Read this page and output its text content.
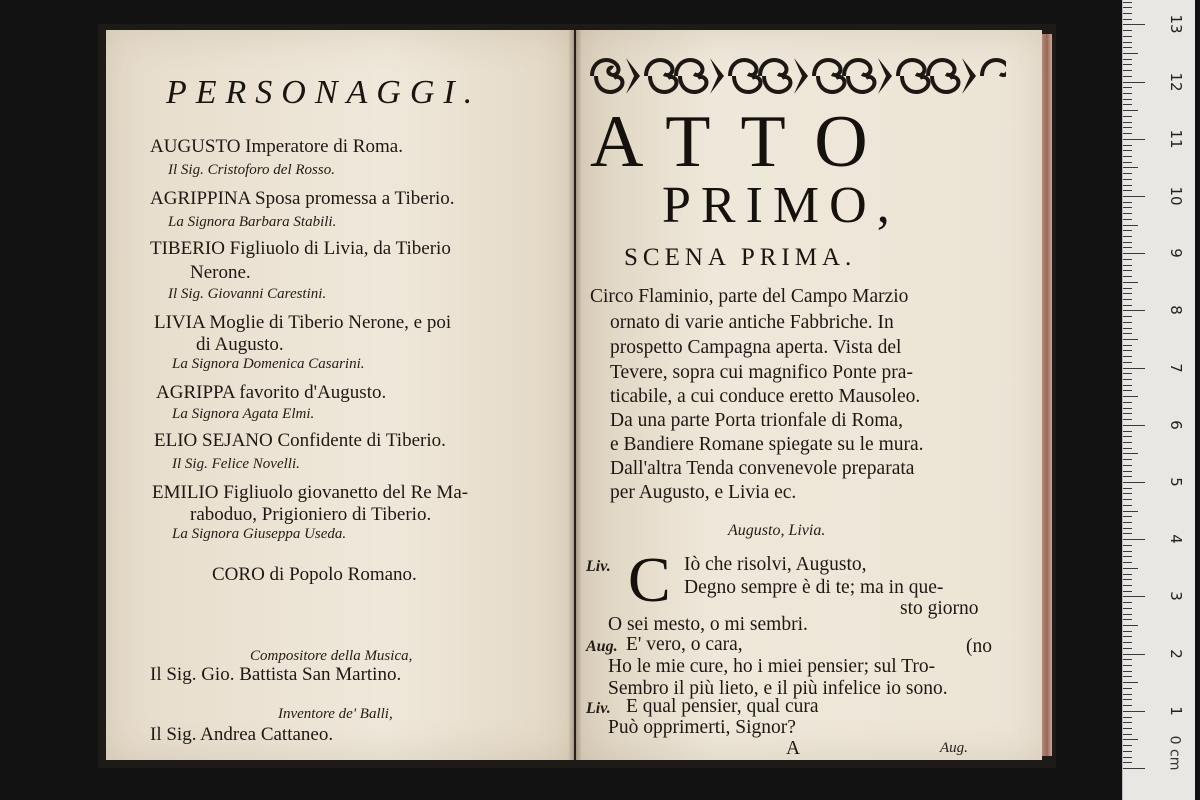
PERSONAGGI.
AUGUSTO Imperatore di Roma.
Il Sig. Cristoforo del Rosso.
AGRIPPINA Sposa promessa a Tiberio.
La Signora Barbara Stabili.
TIBERIO Figliuolo di Livia, da Tiberio
Nerone.
Il Sig. Giovanni Carestini.
LIVIA Moglie di Tiberio Nerone, e poi
di Augusto.
La Signora Domenica Casarini.
AGRIPPA favorito d'Augusto.
La Signora Agata Elmi.
ELIO SEJANO Confidente di Tiberio.
Il Sig. Felice Novelli.
EMILIO Figliuolo giovanetto del Re Ma-
raboduo, Prigioniero di Tiberio.
La Signora Giuseppa Useda.
CORO di Popolo Romano.
Compositore della Musica,
Il Sig. Gio. Battista San Martino.
Inventore de' Balli,
Il Sig. Andrea Cattaneo.
ATTO
PRIMO,
SCENA PRIMA.
Circo Flaminio, parte del Campo Marzio
ornato di varie antiche Fabbriche. In
prospetto Campagna aperta. Vista del
Tevere, sopra cui magnifico Ponte pra-
ticabile, a cui conduce eretto Mausoleo.
Da una parte Porta trionfale di Roma,
e Bandiere Romane spiegate su le mura.
Dall'altra Tenda convenevole preparata
per Augusto, e Livia ec.
Augusto, Livia.
Liv. C Iò che risolvi, Augusto,
Degno sempre è di te; ma in que-
sto giorno
O sei mesto, o mi sembri.
Aug. E' vero, o cara,	(no
Ho le mie cure, ho i miei pensier; sul Tro-
Sembro il più lieto, e il più infelice io sono.
Liv. E qual pensier, qual cura
Può opprimerti, Signor?
A	Aug.	0 cm
1
2
3
4
5
6
7
8
9
10
11
12
13
